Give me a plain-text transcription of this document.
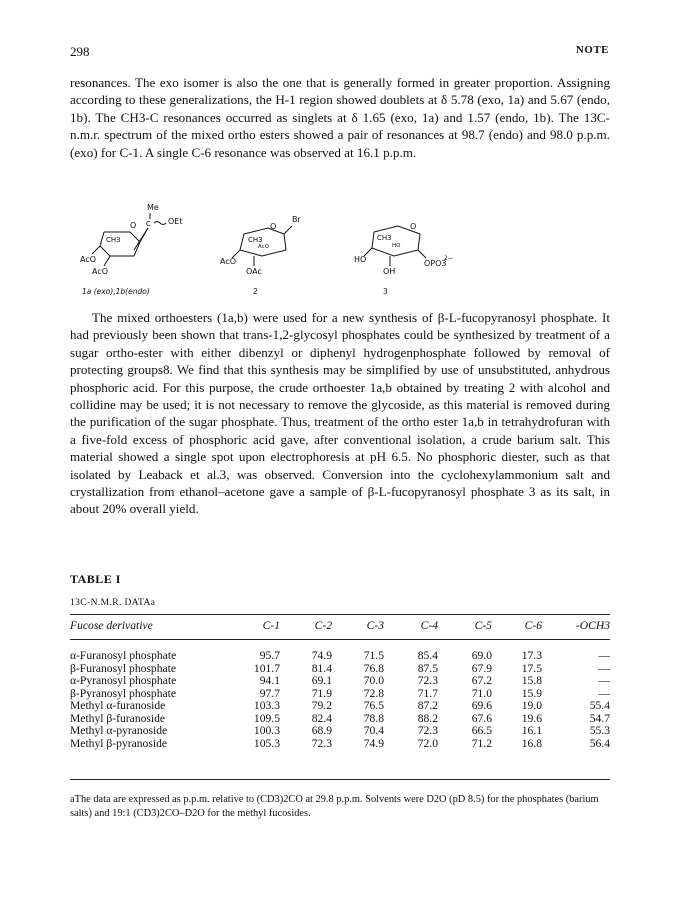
298	NOTE

resonances. The exo isomer is also the one that is generally formed in greater proportion. Assigning according to these generalizations, the H-1 region showed doublets at δ 5.78 (exo, 1a) and 5.67 (endo, 1b). The CH3-C resonances occurred as singlets at δ 1.65 (exo, 1a) and 1.57 (endo, 1b). The 13C-n.m.r. spectrum of the mixed ortho esters showed a pair of resonances at 98.7 (endo) and 98.0 p.p.m. (exo) for C-1. A single C-6 resonance was observed at 16.1 p.p.m.

Me
C OEt
O
CH3
AcO
AcO
1a (exo),1b(endo)
Br
O
CH3
AcO
AcO
OAc
2
O
CH3
HO
HO	OPO3
2−
OH
3

The mixed orthoesters (1a,b) were used for a new synthesis of β-L-fucopyranosyl phosphate. It had previously been shown that trans-1,2-glycosyl phosphates could be synthesized by treatment of a sugar ortho-ester with either dibenzyl or diphenyl hydrogenphosphate followed by removal of protecting groups8. We find that this synthesis may be simplified by use of unsubstituted, anhydrous phosphoric acid. For this purpose, the crude orthoester 1a,b obtained by treating 2 with alcohol and collidine may be used; it is not necessary to remove the glycoside, as this material is removed during the purification of the sugar phosphate. Thus, treatment of the ortho ester 1a,b in tetrahydrofuran with a five-fold excess of phosphoric acid gave, after conventional isolation, a crude barium salt. This material showed a single spot upon electrophoresis at pH 6.5. No phosphoric diester, such as that isolated by Leaback et al.3, was observed. Conversion into the cyclohexylammonium salt and crystallization from ethanol–acetone gave a sample of β-L-fucopyranosyl phosphate 3 as its salt, in about 20% overall yield.

TABLE I
13C-N.M.R. DATAa
Fucose derivative	C-1	C-2	C-3	C-4	C-5	C-6	-OCH3

α-Furanosyl phosphate	95.7	74.9	71.5	85.4	69.0	17.3	—
β-Furanosyl phosphate	101.7	81.4	76.8	87.5	67.9	17.5	—
α-Pyranosyl phosphate	94.1	69.1	70.0	72.3	67.2	15.8	—
β-Pyranosyl phosphate	97.7	71.9	72.8	71.7	71.0	15.9	—
Methyl α-furanoside	103.3	79.2	76.5	87.2	69.6	19.0	55.4
Methyl β-furanoside	109.5	82.4	78.8	88.2	67.6	19.6	54.7
Methyl α-pyranoside	100.3	68.9	70.4	72.3	66.5	16.1	55.3
Methyl β-pyranoside	105.3	72.3	74.9	72.0	71.2	16.8	56.4

aThe data are expressed as p.p.m. relative to (CD3)2CO at 29.8 p.p.m. Solvents were D2O (pD 8.5) for the phosphates (barium salts) and 19:1 (CD3)2CO–D2O for the methyl fucosides.
